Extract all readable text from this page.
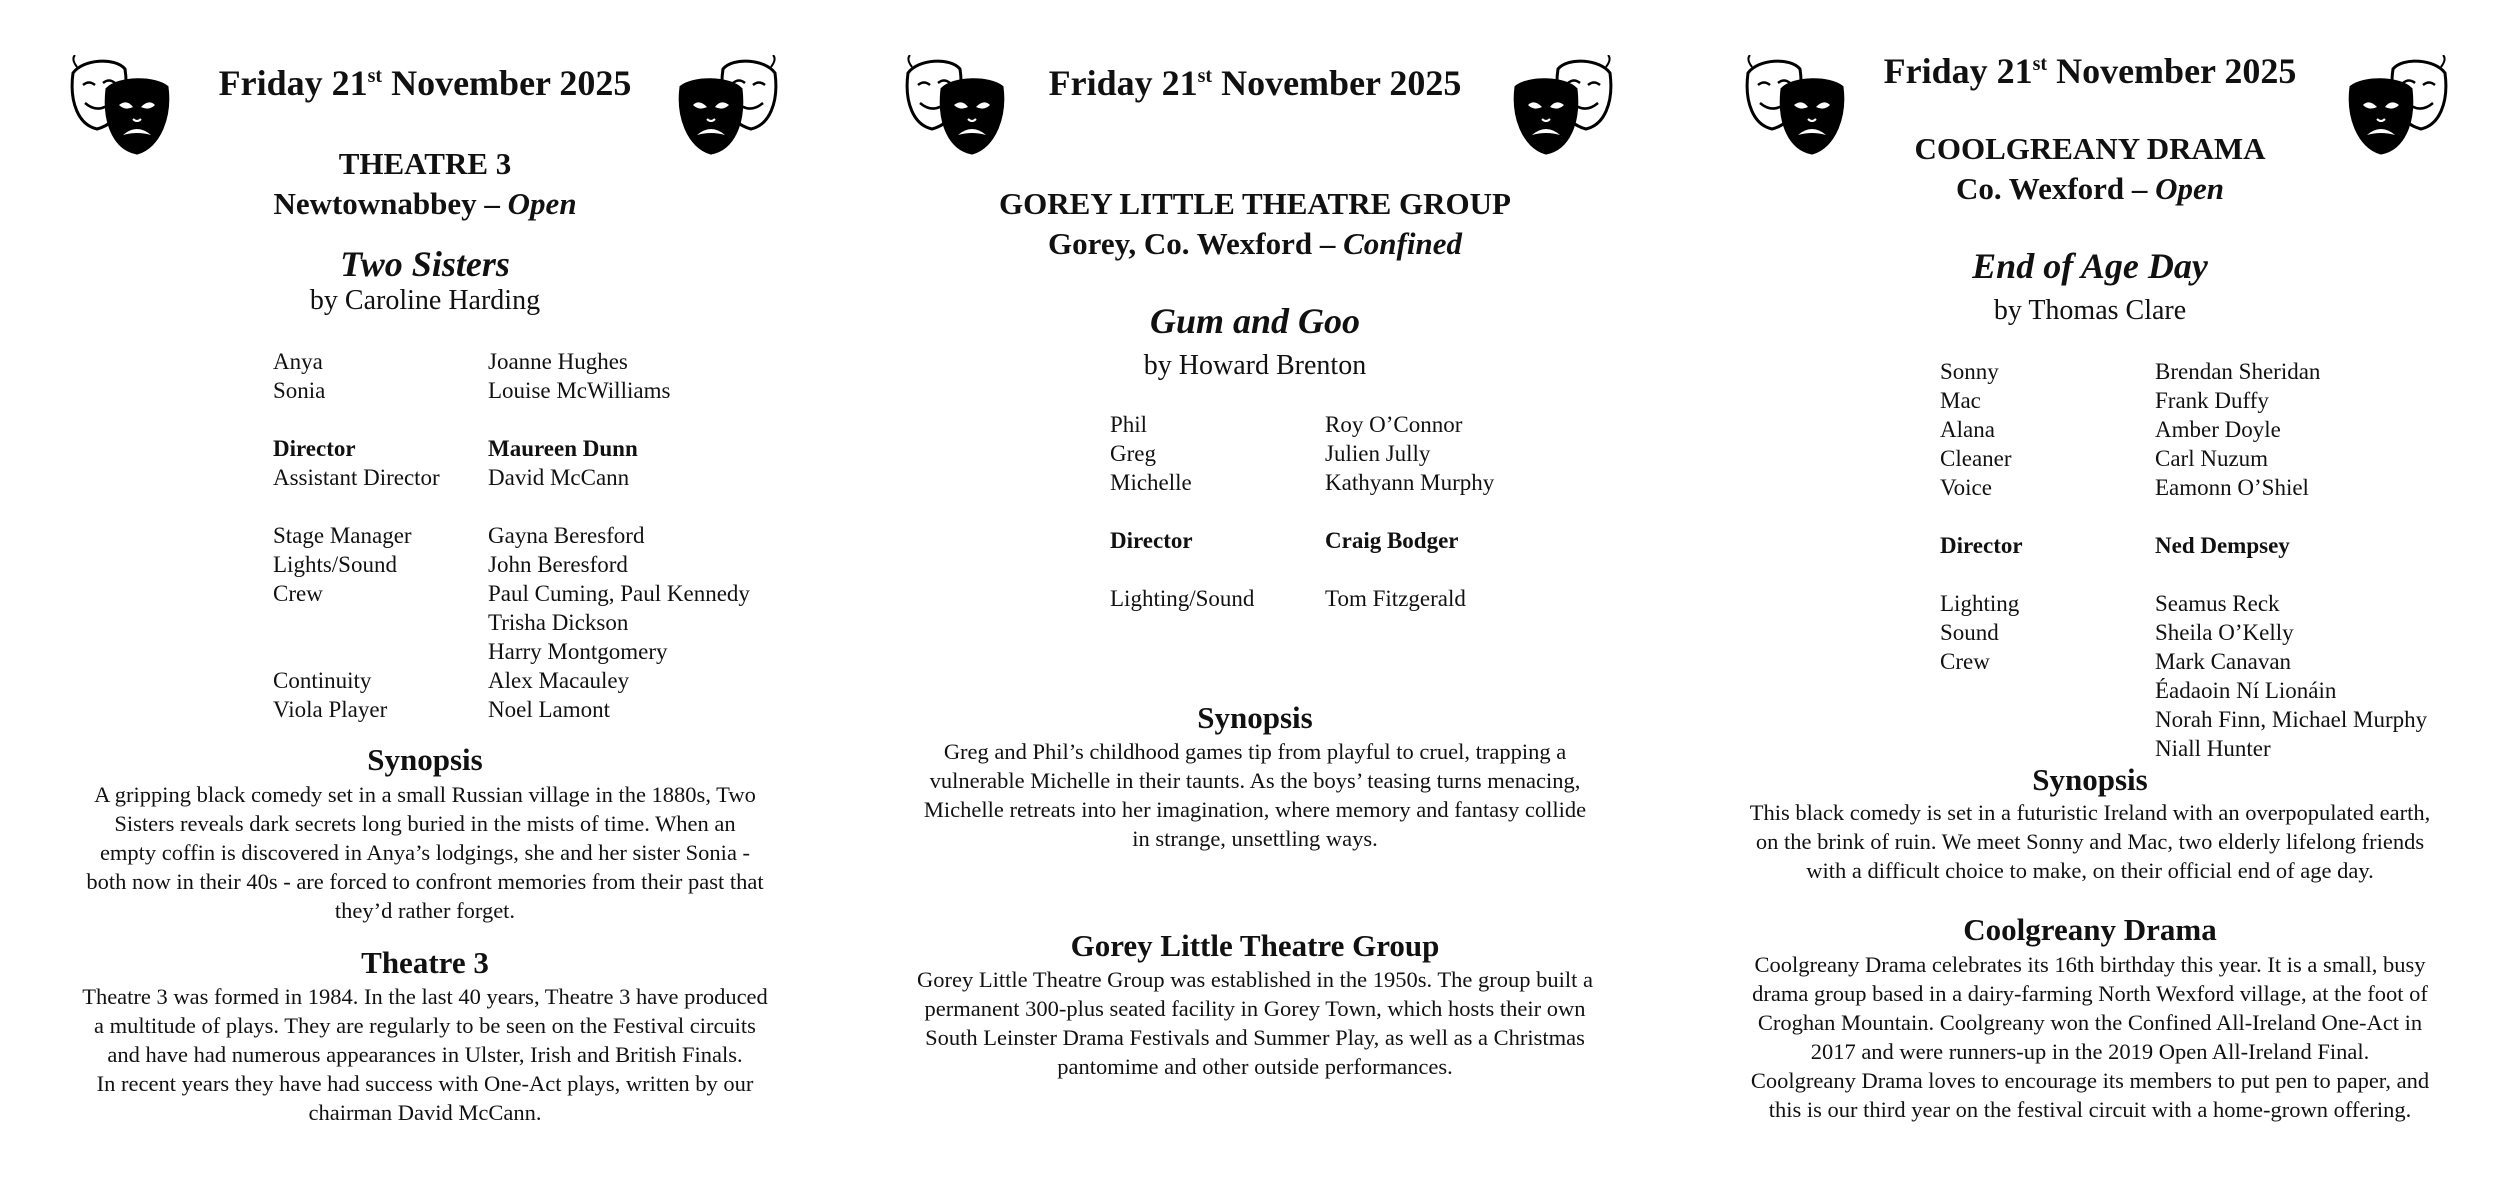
Friday 21st November 2025
THEATRE 3
Newtownabbey – Open
Two Sisters
by Caroline Harding
Anya	Joanne Hughes
Sonia	Louise McWilliams
Director	Maureen Dunn
Assistant Director	David McCann
Stage Manager	Gayna Beresford
Lights/Sound	John Beresford
Crew	Paul Cuming, Paul Kennedy
Trisha Dickson
Harry Montgomery
Continuity	Alex Macauley
Viola Player	Noel Lamont
Synopsis
A gripping black comedy set in a small Russian village in the 1880s, Two
Sisters reveals dark secrets long buried in the mists of time. When an
empty coffin is discovered in Anya’s lodgings, she and her sister Sonia -
both now in their 40s - are forced to confront memories from their past that
they’d rather forget.
Theatre 3
Theatre 3 was formed in 1984. In the last 40 years, Theatre 3 have produced
a multitude of plays. They are regularly to be seen on the Festival circuits
and have had numerous appearances in Ulster, Irish and British Finals.
In recent years they have had success with One-Act plays, written by our
chairman David McCann.
Friday 21st November 2025
GOREY LITTLE THEATRE GROUP
Gorey, Co. Wexford – Confined
Gum and Goo
by Howard Brenton
Phil	Roy O’Connor
Greg	Julien Jully
Michelle	Kathyann Murphy
Director	Craig Bodger
Lighting/Sound	Tom Fitzgerald
Synopsis
Greg and Phil’s childhood games tip from playful to cruel, trapping a
vulnerable Michelle in their taunts. As the boys’ teasing turns menacing,
Michelle retreats into her imagination, where memory and fantasy collide
in strange, unsettling ways.
Gorey Little Theatre Group
Gorey Little Theatre Group was established in the 1950s. The group built a
permanent 300-plus seated facility in Gorey Town, which hosts their own
South Leinster Drama Festivals and Summer Play, as well as a Christmas
pantomime and other outside performances.
Friday 21st November 2025
COOLGREANY DRAMA
Co. Wexford – Open
End of Age Day
by Thomas Clare
Sonny	Brendan Sheridan
Mac	Frank Duffy
Alana	Amber Doyle
Cleaner	Carl Nuzum
Voice	Eamonn O’Shiel
Director	Ned Dempsey
Lighting	Seamus Reck
Sound	Sheila O’Kelly
Crew	Mark Canavan
Éadaoin Ní Lionáin
Norah Finn, Michael Murphy
Niall Hunter
Synopsis
This black comedy is set in a futuristic Ireland with an overpopulated earth,
on the brink of ruin. We meet Sonny and Mac, two elderly lifelong friends
with a difficult choice to make, on their official end of age day.
Coolgreany Drama
Coolgreany Drama celebrates its 16th birthday this year. It is a small, busy
drama group based in a dairy-farming North Wexford village, at the foot of
Croghan Mountain. Coolgreany won the Confined All-Ireland One-Act in
2017 and were runners-up in the 2019 Open All-Ireland Final.
Coolgreany Drama loves to encourage its members to put pen to paper, and
this is our third year on the festival circuit with a home-grown offering.
